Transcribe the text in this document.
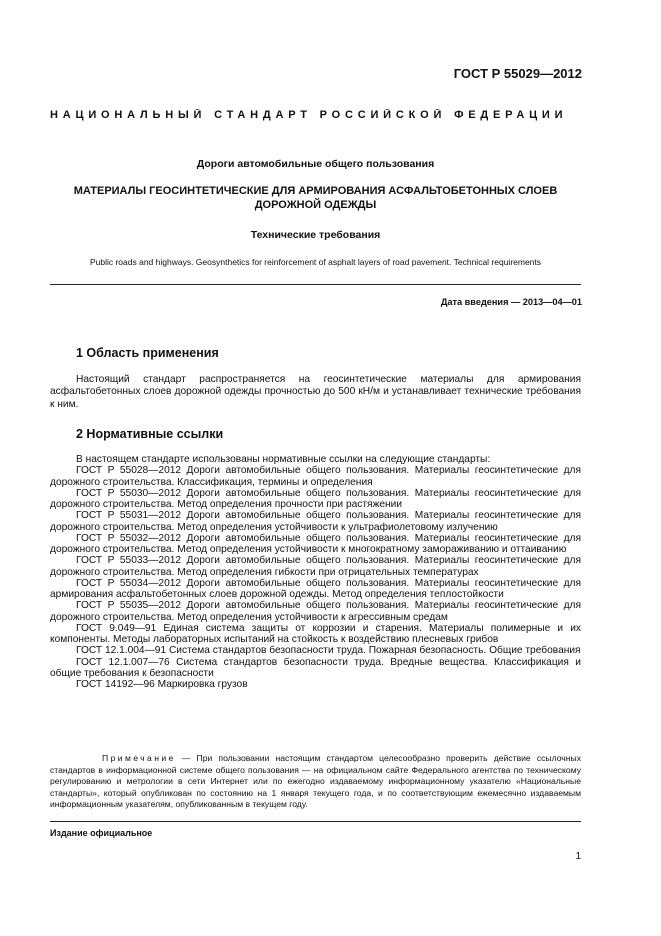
ГОСТ Р 55029—2012
НАЦИОНАЛЬНЫЙ СТАНДАРТ РОССИЙСКОЙ ФЕДЕРАЦИИ
Дороги автомобильные общего пользования
МАТЕРИАЛЫ ГЕОСИНТЕТИЧЕСКИЕ ДЛЯ АРМИРОВАНИЯ АСФАЛЬТОБЕТОННЫХ СЛОЕВ ДОРОЖНОЙ ОДЕЖДЫ
Технические требования
Public roads and highways. Geosynthetics for reinforcement of asphalt layers of road pavement. Technical requirements
Дата введения — 2013—04—01
1 Область применения

Настоящий стандарт распространяется на геосинтетические материалы для армирования асфальтобетонных слоев дорожной одежды прочностью до 500 кН/м и устанавливает технические требования к ним.

2 Нормативные ссылки

В настоящем стандарте использованы нормативные ссылки на следующие стандарты:

ГОСТ Р 55028—2012 Дороги автомобильные общего пользования. Материалы геосинтетические для дорожного строительства. Классификация, термины и определения

ГОСТ Р 55030—2012 Дороги автомобильные общего пользования. Материалы геосинтетические для дорожного строительства. Метод определения прочности при растяжении

ГОСТ Р 55031—2012 Дороги автомобильные общего пользования. Материалы геосинтетические для дорожного строительства. Метод определения устойчивости к ультрафиолетовому излучению

ГОСТ Р 55032—2012 Дороги автомобильные общего пользования. Материалы геосинтетические для дорожного строительства. Метод определения устойчивости к многократному замораживанию и оттаиванию

ГОСТ Р 55033—2012 Дороги автомобильные общего пользования. Материалы геосинтетические для дорожного строительства. Метод определения гибкости при отрицательных температурах

ГОСТ Р 55034—2012 Дороги автомобильные общего пользования. Материалы геосинтетические для армирования асфальтобетонных слоев дорожной одежды. Метод определения теплостойкости

ГОСТ Р 55035—2012 Дороги автомобильные общего пользования. Материалы геосинтетические для дорожного строительства. Метод определения устойчивости к агрессивным средам

ГОСТ 9.049—91 Единая система защиты от коррозии и старения. Материалы полимерные и их компоненты. Методы лабораторных испытаний на стойкость к воздействию плесневых грибов

ГОСТ 12.1.004—91 Система стандартов безопасности труда. Пожарная безопасность. Общие требования

ГОСТ 12.1.007—76 Система стандартов безопасности труда. Вредные вещества. Классификация и общие требования к безопасности

ГОСТ 14192—96 Маркировка грузов

Примечание — При пользовании настоящим стандартом целесообразно проверить действие ссылочных стандартов в информационной системе общего пользования — на официальном сайте Федерального агентства по техническому регулированию и метрологии в сети Интернет или по ежегодно издаваемому информационному указателю «Национальные стандарты», который опубликован по состоянию на 1 января текущего года, и по соответствующим ежемесячно издаваемым информационным указателям, опубликованным в текущем году.

Издание официальное
1
